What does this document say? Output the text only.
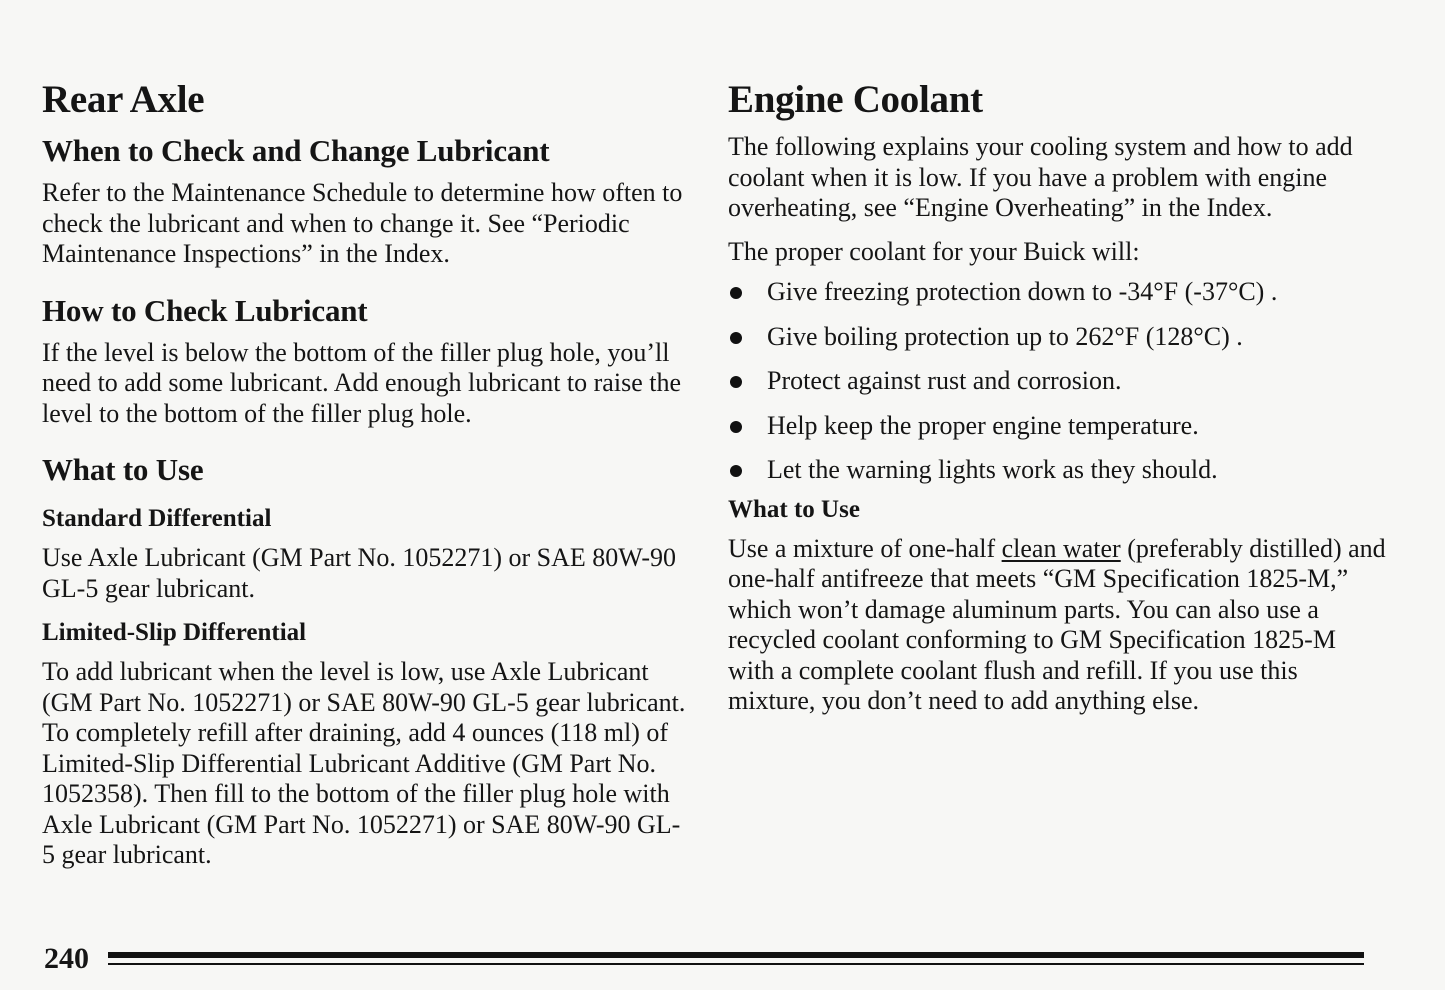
Rear Axle
When to Check and Change Lubricant

Refer to the Maintenance Schedule to determine how often to check the lubricant and when to change it. See “Periodic Maintenance Inspections” in the Index.

How to Check Lubricant

If the level is below the bottom of the filler plug hole, you’ll need to add some lubricant. Add enough lubricant to raise the level to the bottom of the filler plug hole.

What to Use
Standard Differential

Use Axle Lubricant (GM Part No. 1052271) or SAE 80W-90 GL-5 gear lubricant.

Limited-Slip Differential

To add lubricant when the level is low, use Axle Lubricant (GM Part No. 1052271) or SAE 80W-90 GL-5 gear lubricant. To completely refill after draining, add 4 ounces (118 ml) of Limited-Slip Differential Lubricant Additive (GM Part No. 1052358). Then fill to the bottom of the filler plug hole with Axle Lubricant (GM Part No. 1052271) or SAE 80W-90 GL-5 gear lubricant.

Engine Coolant

The following explains your cooling system and how to add coolant when it is low. If you have a problem with engine overheating, see “Engine Overheating” in the Index.

The proper coolant for your Buick will:

Give freezing protection down to -34°F (-37°C) .
Give boiling protection up to 262°F (128°C) .
Protect against rust and corrosion.
Help keep the proper engine temperature.
Let the warning lights work as they should.
What to Use

Use a mixture of one-half clean water (preferably distilled) and one-half antifreeze that meets “GM Specification 1825-M,” which won’t damage aluminum parts. You can also use a recycled coolant conforming to GM Specification 1825-M with a complete coolant flush and refill. If you use this mixture, you don’t need to add anything else.

240
